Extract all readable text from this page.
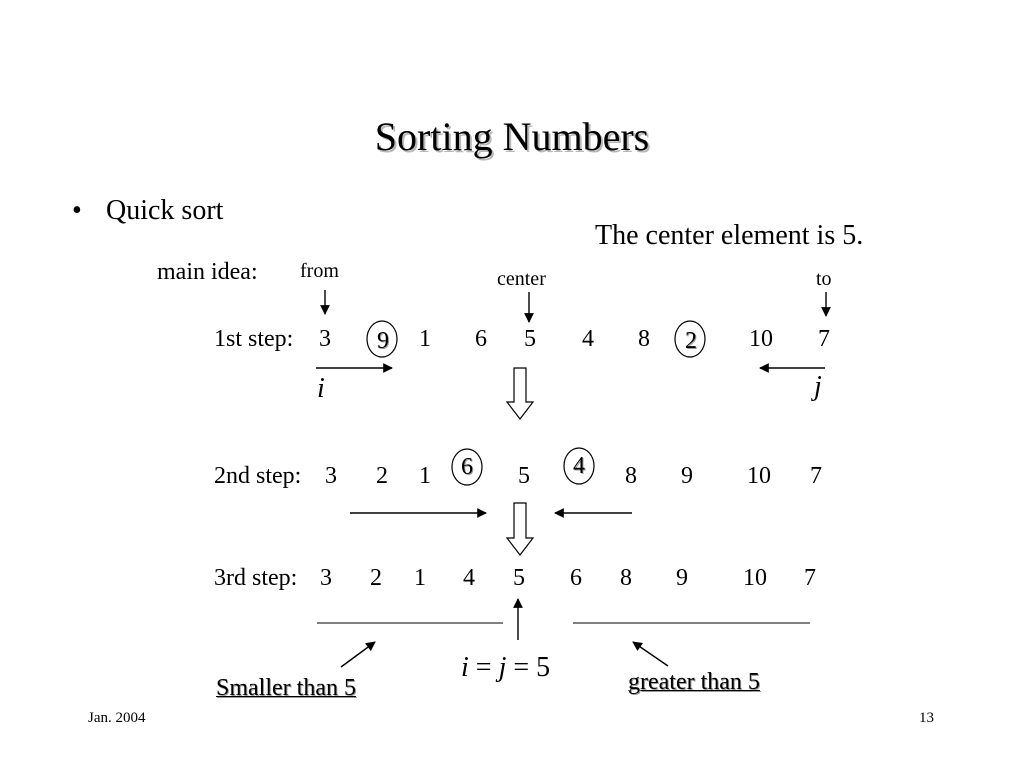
Sorting Numbers
• Quick sort
The center element is 5.
main idea: from	center	to
1st step:	3	9	1	6	5	4	8	2	10	7
i	j
2nd step: 3	2	1	6	5	4	8	9	10	7
3rd step: 3	2	1	4	5	6	8	9	10	7
i = j = 5
Smaller than 5	greater than 5
Jan. 2004	13
